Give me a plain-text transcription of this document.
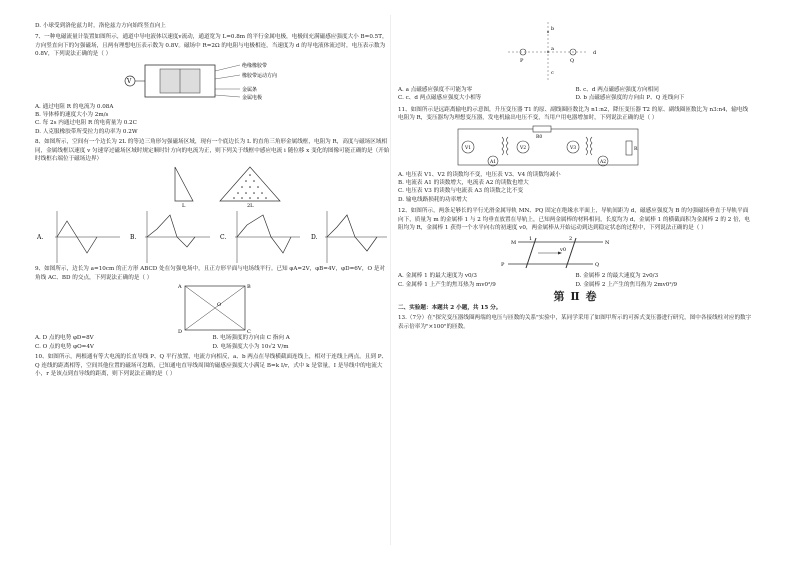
D. 小球受到洛伦兹力时，洛伦兹力方向始终竖直向上

7、一种电磁流量计装置如图所示，通道中导电液体以速度v流动，通道宽为 L=0.8m 的平行金属电极，电极间充满磁感应强度大小 B=0.5T，方向竖直向下的匀强磁场，且两有理想电压表示数为 0.8V。磁场中 R=2Ω 的电阻与电极相连，当速度为 d 的导电液体流过时，电压表示数为 0.8V，下列说法正确的是（ ）

V
绝缘橡胶带
橡胶带运动方向
金属条
金属电极

A. 通过电阻 R 的电流为 0.08A

B. 导体棒的速度大小为 2m/s

C. 每 2s 内通过电阻 R 的电荷量为 0.2C

D. 人克服橡胶带所受拉力的功率为 0.2W

8、如图所示，空间有一个边长为 2L 的等边三角形匀强磁场区域，现有一个底边长为 L 的直角三角形金属线框，电阻为 R，高度与磁场区域相同，金属线框以速度 v 匀速穿过磁场区域时规定顺时针方向的电流为正，则下列关于线框中感应电流 i 随位移 x 变化的图像可能正确的是（开始时线框右端位于磁场边界）

L	2L
A.	B.	C.	D.

9、如图所示，边长为 a=10cm 的正方形 ABCD 处在匀强电场中，且正方形平面与电场线平行。已知 φA=2V，φB=4V，φD=6V，O 是对角线 AC、BD 的交点，下列说法正确的是（ ）

A	B
C
D
O
A. D 点的电势 φD=8V	B. 电场强度的方向由 C 指向 A
C. O 点的电势 φO=4V	D. 电场强度大小为 10√2 V/m

10、如图所示，两根通有等大电流的长直导线 P、Q 平行放置，电流方向相反，a、b 两点在导线横截面连线上，相对于连线上两点。且到 P、Q 连线的距离相等，空间其他位置的磁场可忽略，已知通电直导线周围的磁感应强度大小满足 B=k I/r，式中 k 是常量，I 是导线中的电流大小，r 是该点到直导线的距离，则下列说法正确的是（ ）

b
P
a
Q
c
d
A. a 点磁感应强度不可能为零	B. c、d 两点磁感应强度方向相同
C. c、d 两点磁感应强度大小相等	D. b 点磁感应强度的方向由 P、Q 连线向下

11、如图所示是远距离输电的示意图，升压变压器 T1 的原、副线圈匝数比为 n1:n2，降压变压器 T2 的原、副线圈匝数比为 n3:n4，输电线电阻为 R，变压器均为理想变压器，发电机输出电压不变，当用户用电器增加时，下列说法正确的是（ ）

V1
A1
R0
V2	V3
A2
R

A. 电压表 V1、V2 的读数均不变，电压表 V3、V4 的读数均减小

B. 电流表 A1 的读数增大，电流表 A2 的读数也增大

C. 电压表 V3 的读数与电流表 A3 的读数之比不变

D. 输电线路损耗的功率增大

12、如图所示，两条足够长的平行光滑金属导轨 MN、PQ 固定在绝缘水平面上，导轨间距为 d，磁感应强度为 B 的匀强磁场垂直于导轨平面向下，质量为 m 的金属棒 1 与 2 均垂直放置在导轨上，已知两金属棒的材料相同，长度均为 d，金属棒 1 的横截面积为金属棒 2 的 2 倍，电阻均为 R，金属棒 1 获得一个水平向右的初速度 v0，两金属棒从开始运动到达到稳定状态的过程中，下列说法正确的是（ ）

M	N
P	Q
1	2
v0
A. 金属棒 1 的最大速度为 v0/3	B. 金属棒 2 的最大速度为 2v0/3
C. 金属棒 1 上产生的焦耳热为 mv0²/9	D. 金属棒 2 上产生的焦耳热为 2mv0²/9
第 Ⅱ 卷

二、实验题：本题共 2 小题，共 15 分。

13.（7分）在"探究变压器线圈两端的电压与匝数的关系"实验中，某同学采用了如图甲所示的可拆式变压器进行研究，图中各接线柱对应的数字表示倍率为"×100"的匝数。
